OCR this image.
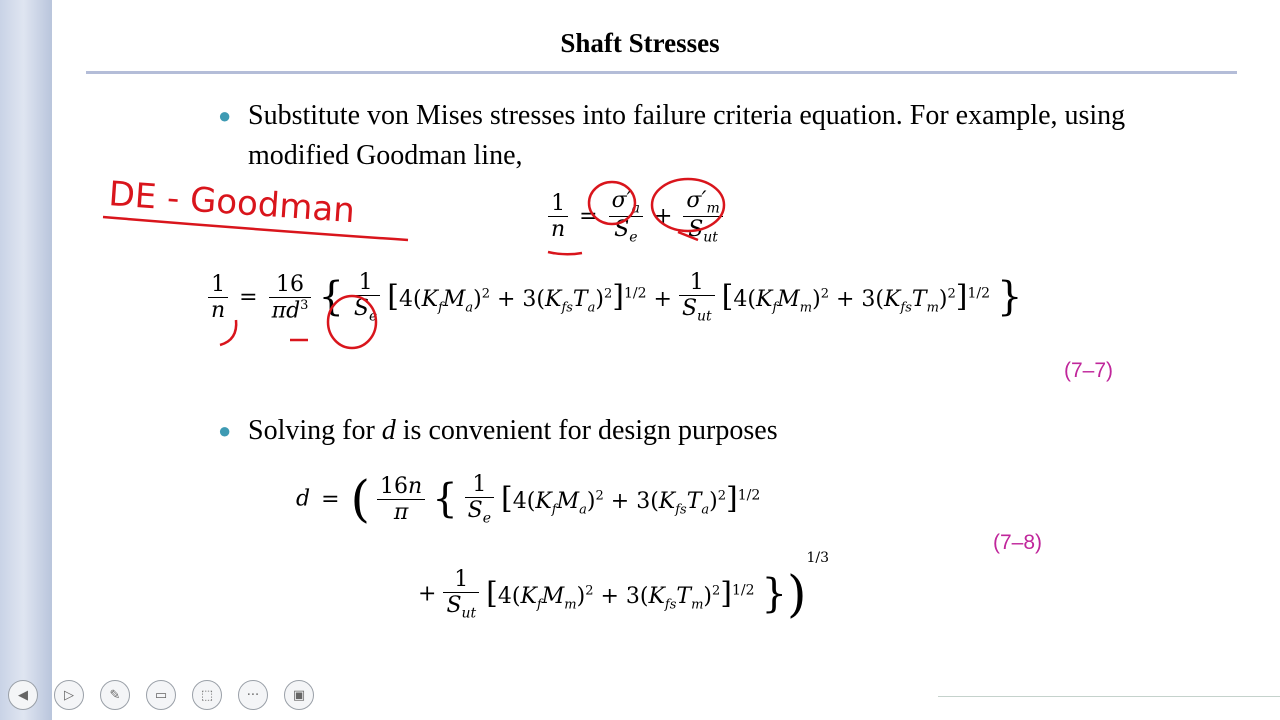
Shaft Stresses
● Substitute von Mises stresses into failure criteria equation. For example, using modified Goodman line,
$\frac{1}{n} = \frac{\sigma'_a}{S_e} + \frac{\sigma'_m}{S_{ut}}$
$\frac{1}{n} = \frac{16}{\pi d^3}$ { $\frac{1}{S_e} [4(K_fM_a)^2 + 3(K_{fs}T_a)^2]^{1/2} + \frac{1}{S_{ut}} [4(K_fM_m)^2 + 3(K_{fs}T_m)^2]^{1/2}$ }
(7–7)
● Solving for d is convenient for design purposes
d = ( $\frac{16n}{\pi}$ { $\frac{1}{S_e} [4(K_fM_a)^2 + 3(K_{fs}T_a)^2]^{1/2}$
+ $\frac{1}{S_{ut}} [4(K_fM_m)^2 + 3(K_{fs}T_m)^2]^{1/2}$ })$^{1/3}$
(7–8)
DE - Goodman
◀	▷	✎	▭	⬚	···	▣
